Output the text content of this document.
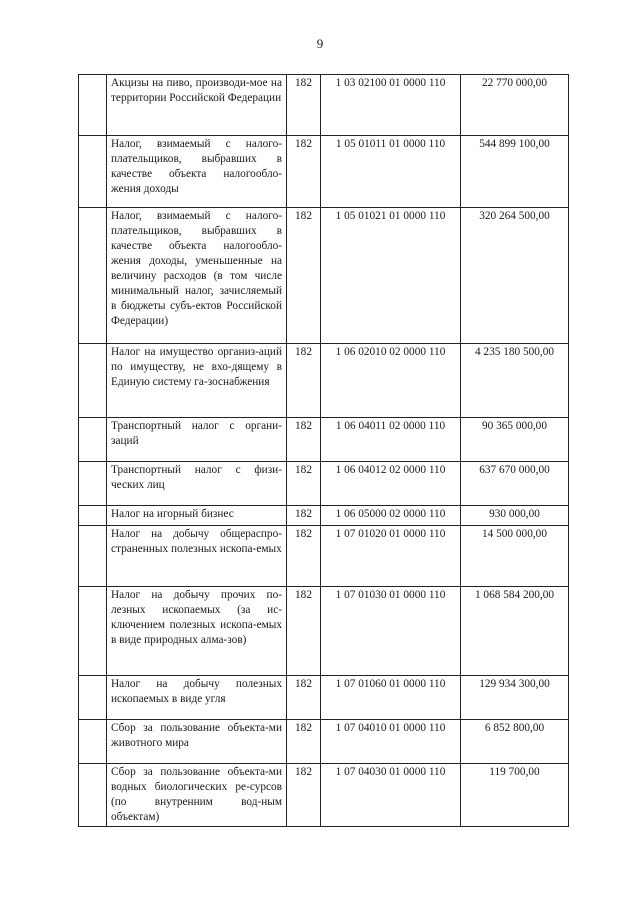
9
	Акцизы на пиво, производи-мое на территории Российской Федерации	182	1 03 02100 01 0000 110	22 770 000,00
	Налог, взимаемый с налого-плательщиков, выбравших в качестве объекта налогообло-жения доходы	182	1 05 01011 01 0000 110	544 899 100,00
	Налог, взимаемый с налого-плательщиков, выбравших в качестве объекта налогообло-жения доходы, уменьшенные на величину расходов (в том числе минимальный налог, зачисляемый в бюджеты субъ-ектов Российской Федерации)	182	1 05 01021 01 0000 110	320 264 500,00
	Налог на имущество организ-аций по имуществу, не вхо-дящему в Единую систему га-зоснабжения	182	1 06 02010 02 0000 110	4 235 180 500,00
	Транспортный налог с органи-заций	182	1 06 04011 02 0000 110	90 365 000,00
	Транспортный налог с физи-ческих лиц	182	1 06 04012 02 0000 110	637 670 000,00
	Налог на игорный бизнес	182	1 06 05000 02 0000 110	930 000,00
	Налог на добычу общераспро-страненных полезных ископа-емых	182	1 07 01020 01 0000 110	14 500 000,00
	Налог на добычу прочих по-лезных ископаемых (за ис-ключением полезных ископа-емых в виде природных алма-зов)	182	1 07 01030 01 0000 110	1 068 584 200,00
	Налог на добычу полезных ископаемых в виде угля	182	1 07 01060 01 0000 110	129 934 300,00
	Сбор за пользование объекта-ми животного мира	182	1 07 04010 01 0000 110	6 852 800,00
	Сбор за пользование объекта-ми водных биологических ре-сурсов (по внутренним вод-ным объектам)	182	1 07 04030 01 0000 110	119 700,00
